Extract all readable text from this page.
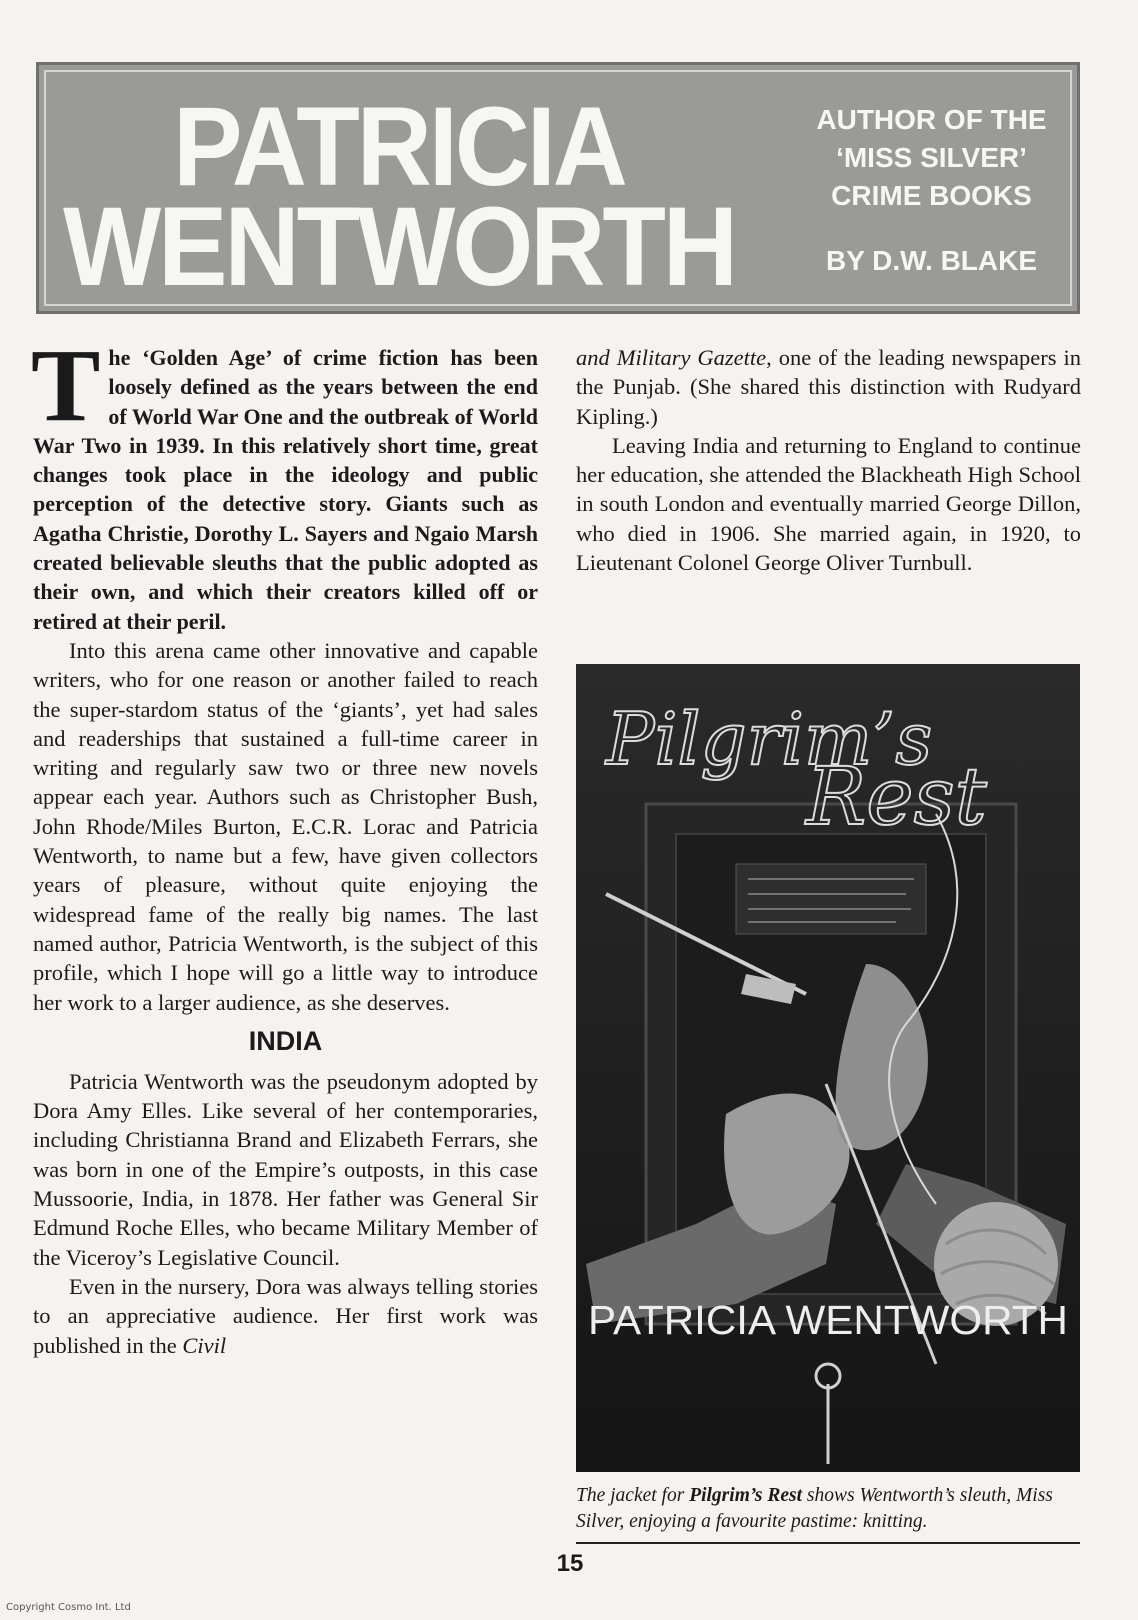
PATRICIA
WENTWORTH
AUTHOR OF THE
‘MISS SILVER’
CRIME BOOKS
BY D.W. BLAKE

The ‘Golden Age’ of crime fiction has been loosely defined as the years between the end of World War One and the outbreak of World War Two in 1939. In this relatively short time, great changes took place in the ideology and public perception of the detective story. Giants such as Agatha Christie, Dorothy L. Sayers and Ngaio Marsh created believable sleuths that the public adopted as their own, and which their creators killed off or retired at their peril.

Into this arena came other innovative and capable writers, who for one reason or another failed to reach the super-stardom status of the ‘giants’, yet had sales and readerships that sustained a full-time career in writing and regularly saw two or three new novels appear each year. Authors such as Christopher Bush, John Rhode/Miles Burton, E.C.R. Lorac and Patricia Wentworth, to name but a few, have given collectors years of pleasure, without quite enjoying the widespread fame of the really big names. The last named author, Patricia Wentworth, is the subject of this profile, which I hope will go a little way to introduce her work to a larger audience, as she deserves.

INDIA

Patricia Wentworth was the pseudonym adopted by Dora Amy Elles. Like several of her contemporaries, including Christianna Brand and Elizabeth Ferrars, she was born in one of the Empire’s outposts, in this case Mussoorie, India, in 1878. Her father was General Sir Edmund Roche Elles, who became Military Member of the Viceroy’s Legislative Council.

Even in the nursery, Dora was always telling stories to an appreciative audience. Her first work was published in the Civil

and Military Gazette, one of the leading newspapers in the Punjab. (She shared this distinction with Rudyard Kipling.)

Leaving India and returning to England to continue her education, she attended the Blackheath High School in south London and eventually married George Dillon, who died in 1906. She married again, in 1920, to Lieutenant Colonel George Oliver Turnbull.

Pilgrim’s
Rest
PATRICIA WENTWORTH
The jacket for Pilgrim’s Rest shows Wentworth’s sleuth, Miss Silver, enjoying a favourite pastime: knitting.
15
Copyright Cosmo Int. Ltd
